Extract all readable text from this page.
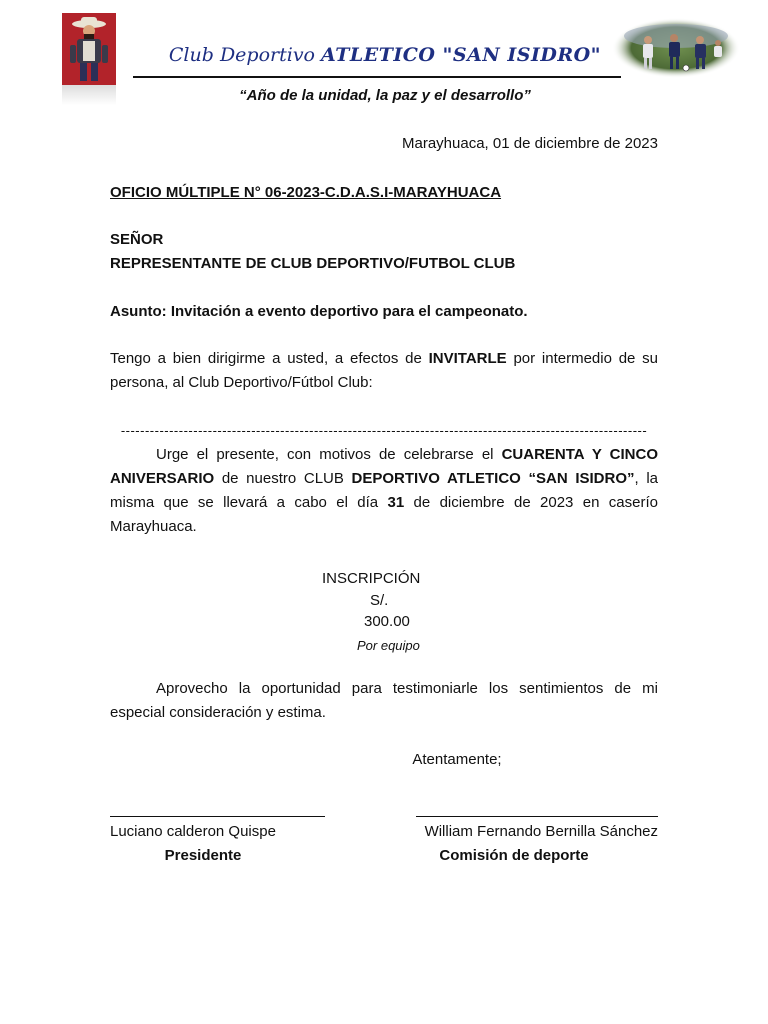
Club Deportivo ATLETICO "SAN ISIDRO"
“Año de la unidad, la paz y el desarrollo”
Marayhuaca, 01 de diciembre de 2023
OFICIO MÚLTIPLE N° 06-2023-C.D.A.S.I-MARAYHUACA
SEÑOR
REPRESENTANTE DE CLUB DEPORTIVO/FUTBOL CLUB
Asunto: Invitación a evento deportivo para el campeonato.
Tengo a bien dirigirme a usted, a efectos de INVITARLE por intermedio de su persona, al Club Deportivo/Fútbol Club:
-------------------------------------------------------------------------------------------------------------
Urge el presente, con motivos de celebrarse el CUARENTA Y CINCO ANIVERSARIO de nuestro CLUB DEPORTIVO ATLETICO “SAN ISIDRO”, la misma que se llevará a cabo el día 31 de diciembre de 2023 en caserío Marayhuaca.
INSCRIPCIÓN
S/.
300.00
Por equipo
Aprovecho la oportunidad para testimoniarle los sentimientos de mi especial consideración y estima.
Atentamente;
Luciano calderon Quispe	William Fernando Bernilla Sánchez
Presidente	Comisión de deporte
